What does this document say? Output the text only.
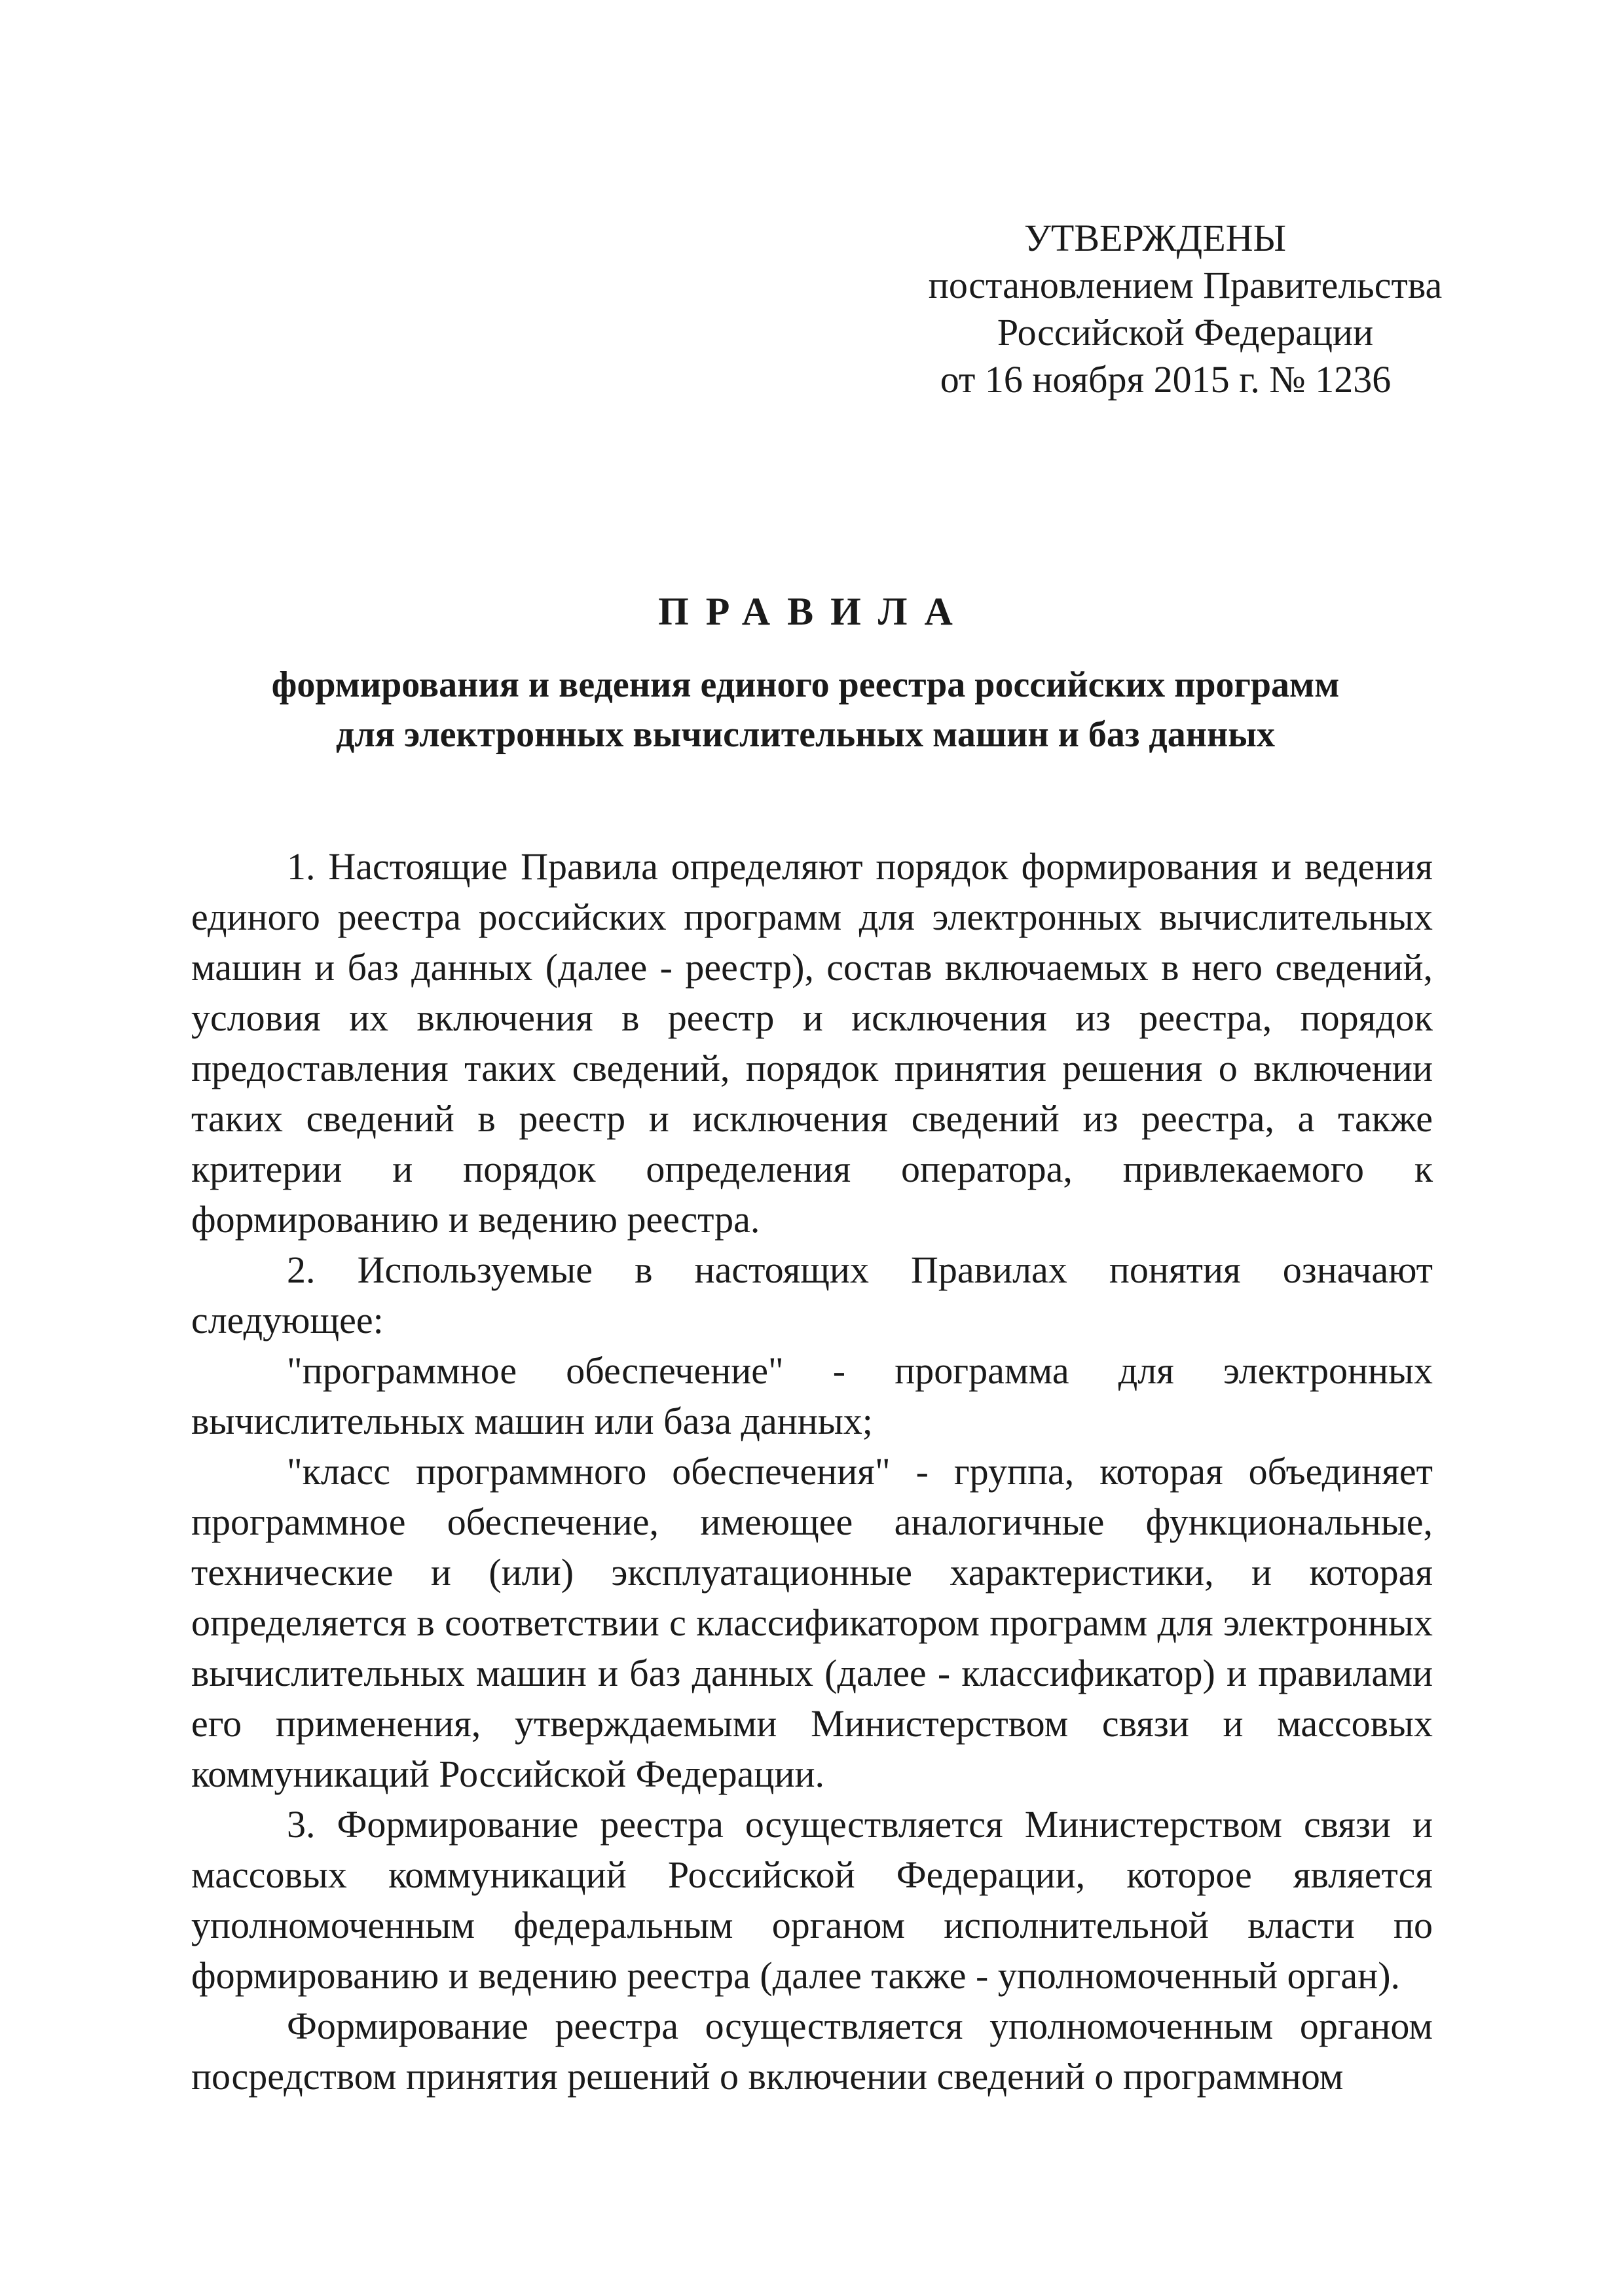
УТВЕРЖДЕНЫ
постановлением Правительства
Российской Федерации
от 16 ноября 2015 г. № 1236
ПРАВИЛА
формирования и ведения единого реестра российских программ
для электронных вычислительных машин и баз данных

1. Настоящие Правила определяют порядок формирования и ведения единого реестра российских программ для электронных вычислительных машин и баз данных (далее - реестр), состав включаемых в него сведений, условия их включения в реестр и исключения из реестра, порядок предоставления таких сведений, порядок принятия решения о включении таких сведений в реестр и исключения сведений из реестра, а также критерии и порядок определения оператора, привлекаемого к формированию и ведению реестра.

2. Используемые в настоящих Правилах понятия означают следующее:

"программное обеспечение" - программа для электронных вычислительных машин или база данных;

"класс программного обеспечения" - группа, которая объединяет программное обеспечение, имеющее аналогичные функциональные, технические и (или) эксплуатационные характеристики, и которая определяется в соответствии с классификатором программ для электронных вычислительных машин и баз данных (далее - классификатор) и правилами его применения, утверждаемыми Министерством связи и массовых коммуникаций Российской Федерации.

3. Формирование реестра осуществляется Министерством связи и массовых коммуникаций Российской Федерации, которое является уполномоченным федеральным органом исполнительной власти по формированию и ведению реестра (далее также - уполномоченный орган).

Формирование реестра осуществляется уполномоченным органом посредством принятия решений о включении сведений о программном
